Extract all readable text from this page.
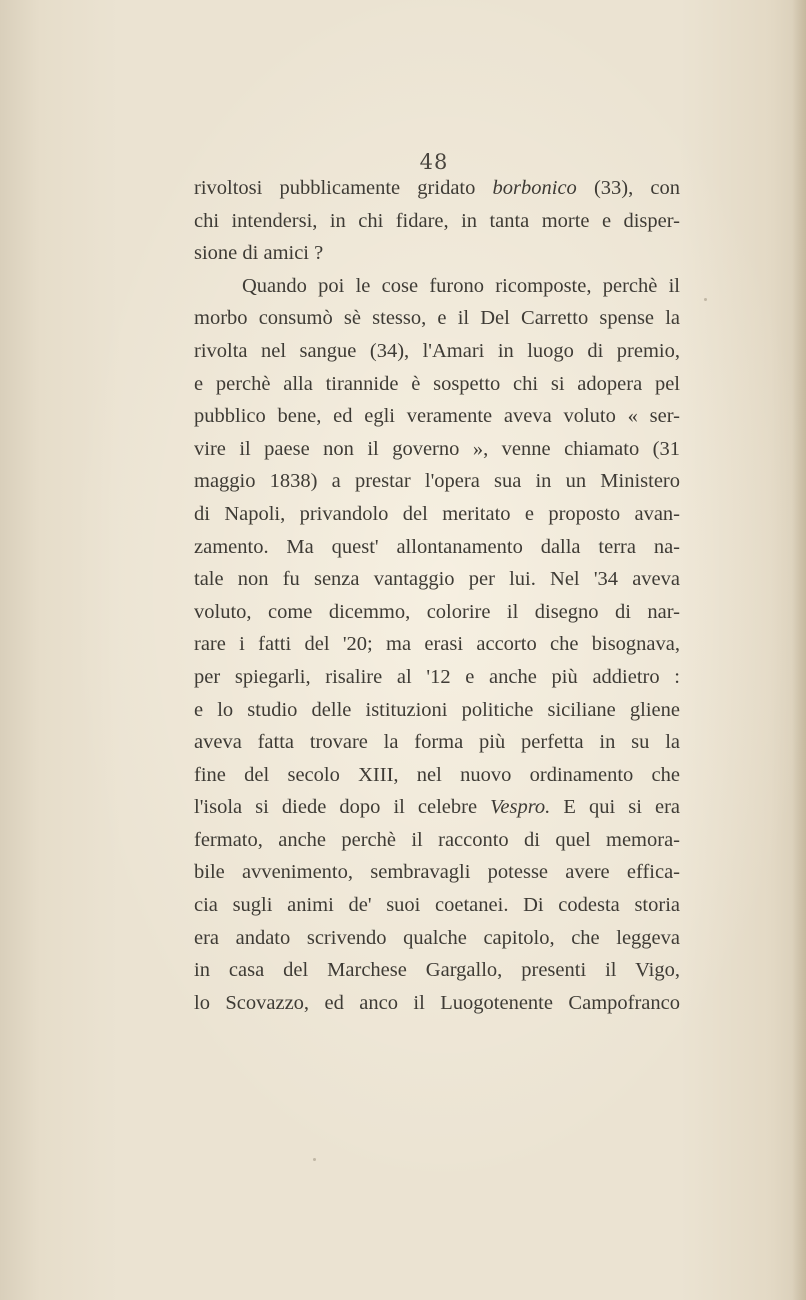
48
rivoltosi pubblicamente gridato borbonico (33), con
chi intendersi, in chi fidare, in tanta morte e disper-
sione di amici ?
Quando poi le cose furono ricomposte, perchè il
morbo consumò sè stesso, e il Del Carretto spense la
rivolta nel sangue (34), l'Amari in luogo di premio,
e perchè alla tirannide è sospetto chi si adopera pel
pubblico bene, ed egli veramente aveva voluto « ser-
vire il paese non il governo », venne chiamato (31
maggio 1838) a prestar l'opera sua in un Ministero
di Napoli, privandolo del meritato e proposto avan-
zamento. Ma quest' allontanamento dalla terra na-
tale non fu senza vantaggio per lui. Nel '34 aveva
voluto, come dicemmo, colorire il disegno di nar-
rare i fatti del '20; ma erasi accorto che bisognava,
per spiegarli, risalire al '12 e anche più addietro :
e lo studio delle istituzioni politiche siciliane gliene
aveva fatta trovare la forma più perfetta in su la
fine del secolo XIII, nel nuovo ordinamento che
l'isola si diede dopo il celebre Vespro. E qui si era
fermato, anche perchè il racconto di quel memora-
bile avvenimento, sembravagli potesse avere effica-
cia sugli animi de' suoi coetanei. Di codesta storia
era andato scrivendo qualche capitolo, che leggeva
in casa del Marchese Gargallo, presenti il Vigo,
lo Scovazzo, ed anco il Luogotenente Campofranco
